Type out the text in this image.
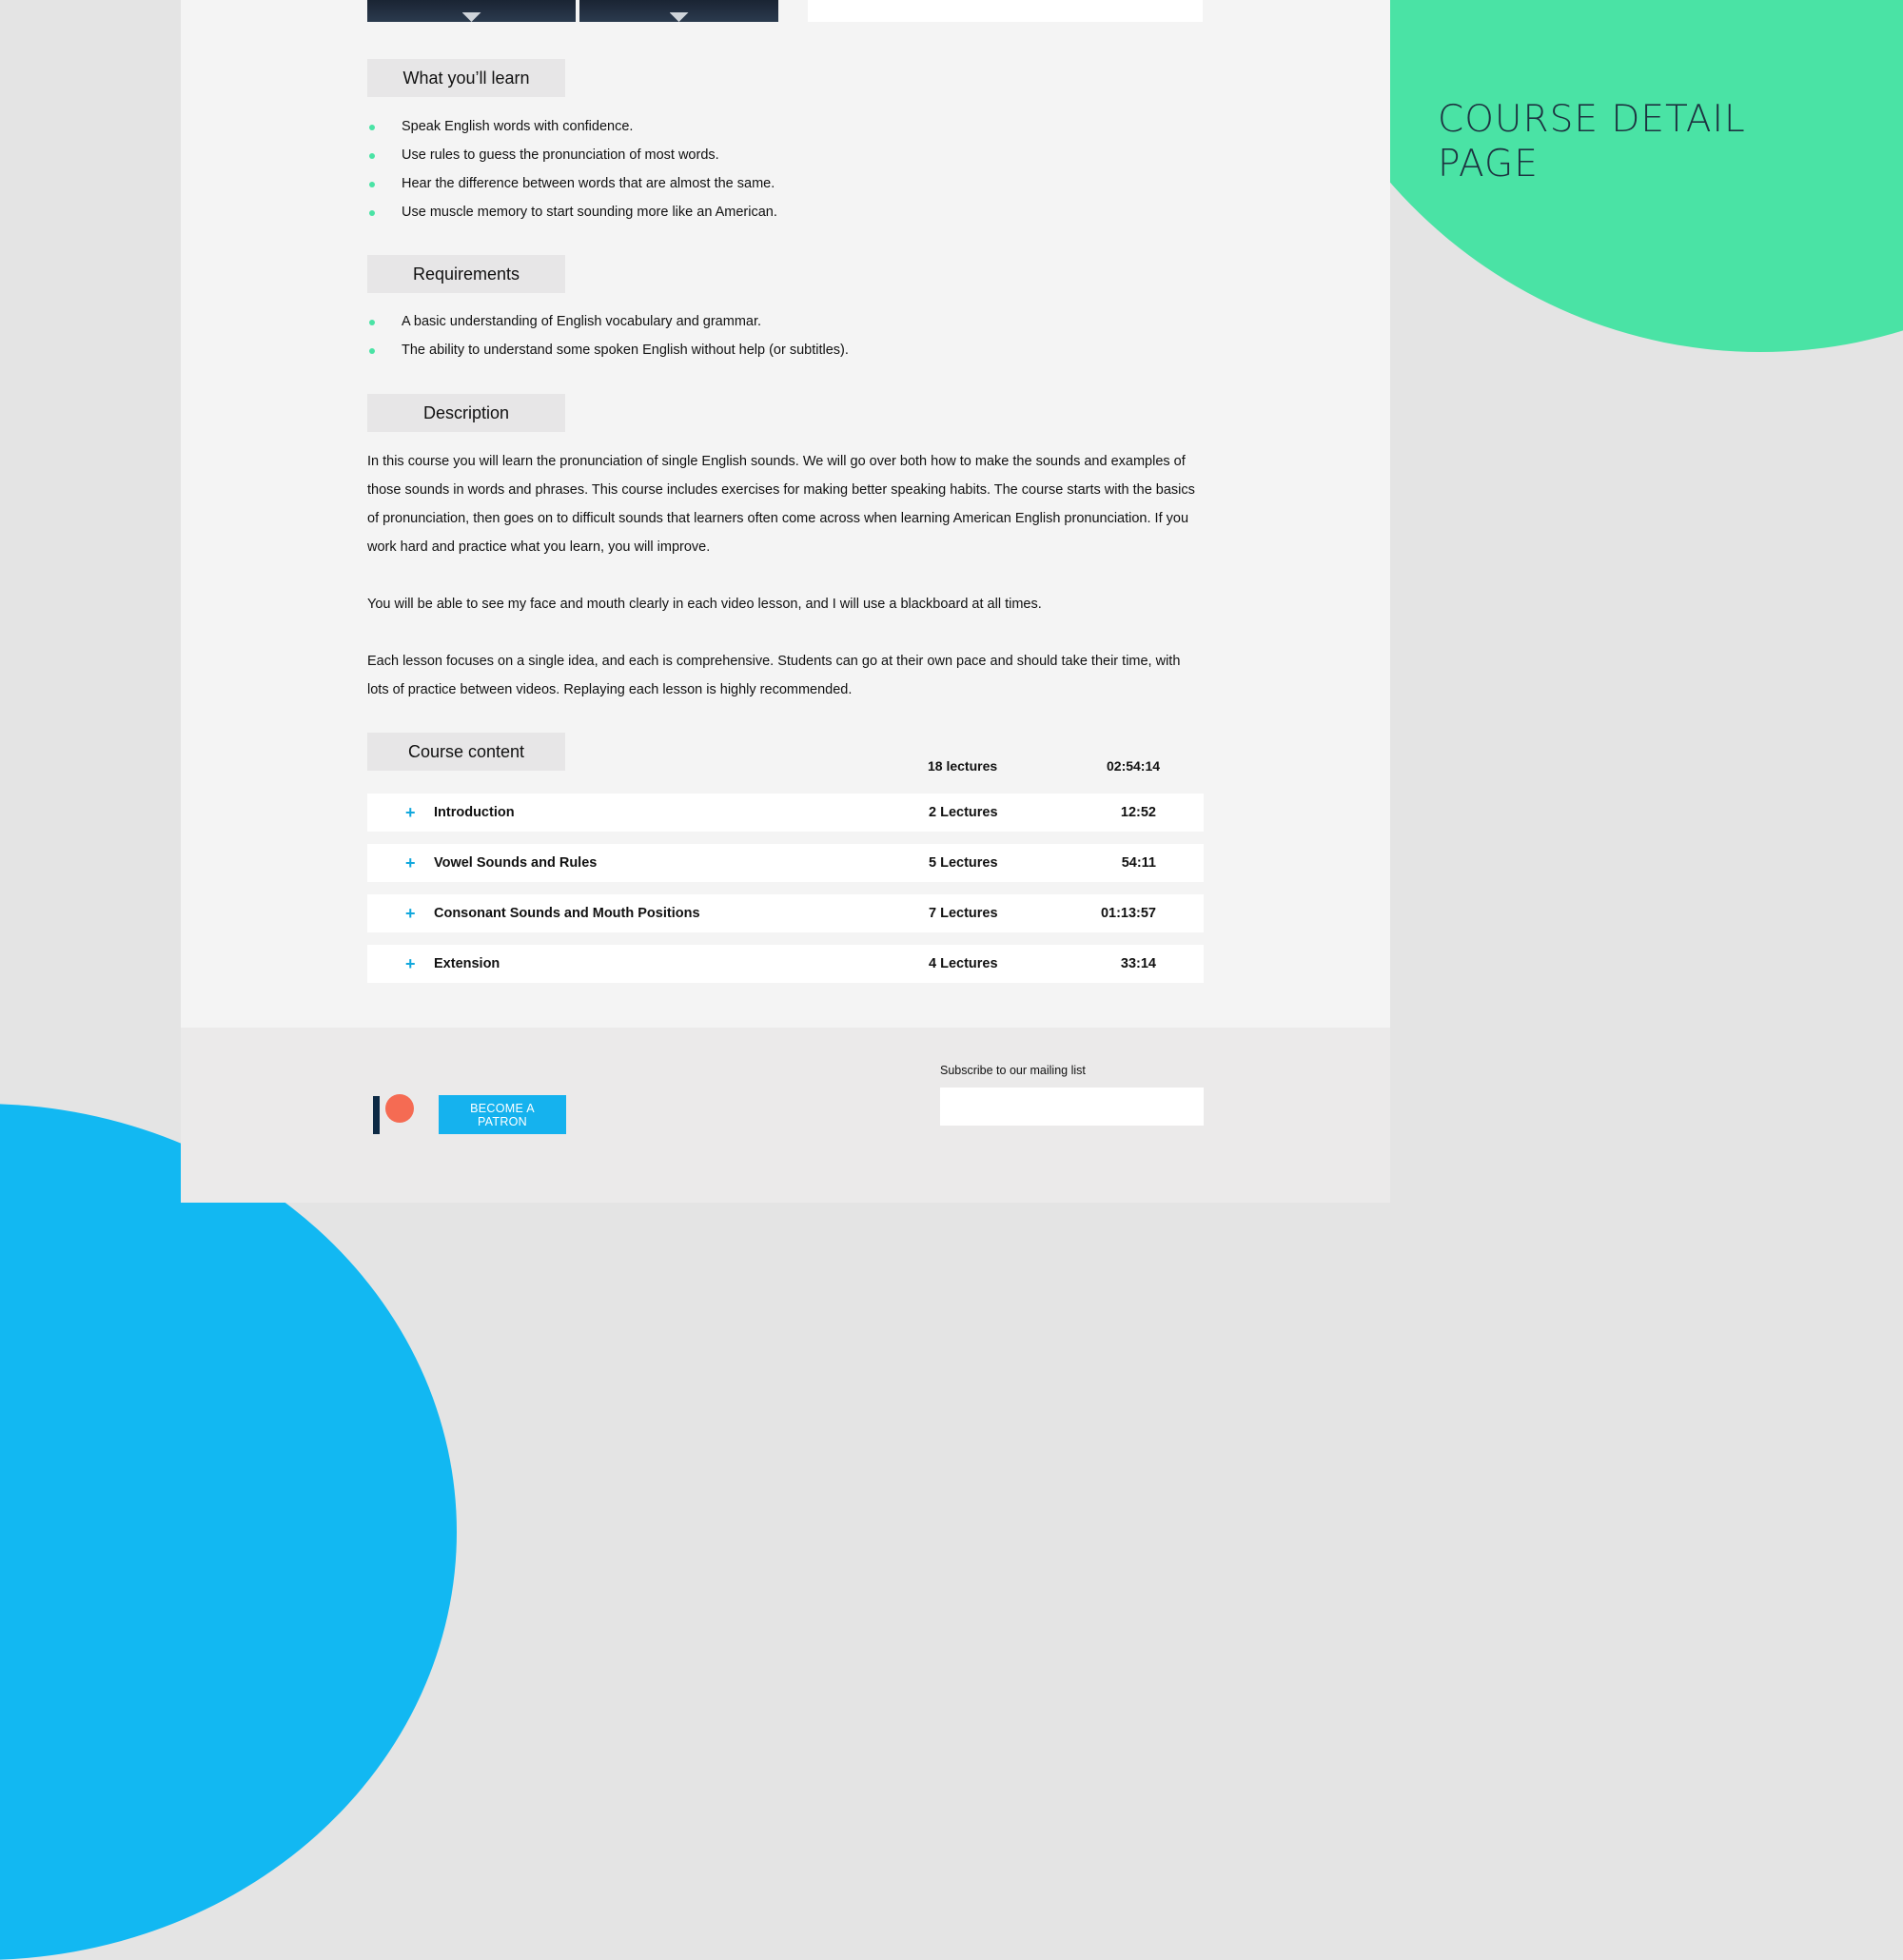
COURSE DETAIL
PAGE
What you’ll learn
Speak English words with confidence.
Use rules to guess the pronunciation of most words.
Hear the difference between words that are almost the same.
Use muscle memory to start sounding more like an American.
Requirements
A basic understanding of English vocabulary and grammar.
The ability to understand some spoken English without help (or subtitles).
Description

In this course you will learn the pronunciation of single English sounds. We will go over both how to make the sounds and examples of those sounds in words and phrases. This course includes exercises for making better speaking habits. The course starts with the basics of pronunciation, then goes on to difficult sounds that learners often come across when learning American English pronunciation. If you work hard and practice what you learn, you will improve.

You will be able to see my face and mouth clearly in each video lesson, and I will use a blackboard at all times.

Each lesson focuses on a single idea, and each is comprehensive. Students can go at their own pace and should take their time, with lots of practice between videos. Replaying each lesson is highly recommended.

Course content
18 lectures	02:54:14
+ Introduction	2 Lectures	12:52
+ Vowel Sounds and Rules	5 Lectures	54:11
+ Consonant Sounds and Mouth Positions	7 Lectures	01:13:57
+ Extension	4 Lectures	33:14
BECOME A PATRON
Subscribe to our mailing list
